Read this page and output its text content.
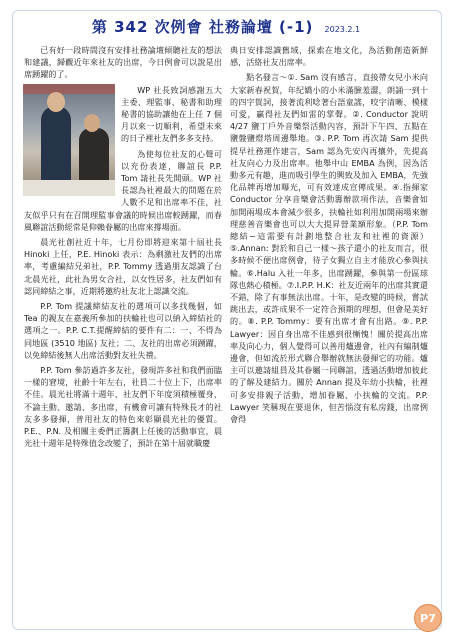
第 342 次例會 社務論壇 (-1) 2023.2.1

已有好一段時間沒有安排社務論壇傾聽社友的想法和建議，歸觀近年來社友的出席，今日例會可以說是出席踴躍的了。

WP 社長致詞感謝五大主委、理監事、秘書和助理秘書的協助讓他在上任 7 個月以來一切順利，希望未來的日子裡社友們多多支持。

為使每位社友的心聲可以充份表達，聯誼長 P.P. Tom 請社長先開頭。WP 社長認為社裡最大的問題在於人數不足和出席率不佳，社友似乎只有在召開理監事會議的時候出席較踴躍，而春風聯誼活動經常是仰賴眷屬的出席來撐場面。

晨光社創社近十年，七月份即將迎來第十屆社長 Hinoki 上任，P.E. Hinoki 表示：為剩激社友們的出席率，考慮編結兄弟社，P.P. Tommy 透過朋友認識了台北晨光社，此社為男女合社，以女性居多，社友們如有認同締結之事，近期將邀約社友北上認識交流。

P.P. Tom 提議締結友社的選項可以多找幾個，如 Tea 的親友在嘉義所參加的扶輪社也可以納入締結社的選項之一。P.P. C.T.提醒締結的要件有二：一、不得為同地區 (3510 地區) 友社；二、友社的出席必須踴躍，以免締結後無人出席活動對友社失禮。

P.P. Tom 參訪過許多友社，發現許多社和我們面臨一樣的窘境，社齡十年左右，社員二十位上下，出席率不佳。晨光社將滿十週年，社友們下年度須積極覆身，不論主動、邀請、多出席，有機會可讓有特殊長才的社友多多發揮，普用社友的特色來彰顯晨光社的優質。P.E.、P.N. 及相關主委們正籌劃上任後的活動事宜，晨光社十週年是特殊值念改變了，預計在第十屆就職慶

典日安排認識舊域，探索在地文化，為活動創造新鮮感，活絡社友出席率。

點名發言～①. Sam 沒有感言，直接帶女兒小米向大家新春祝賀，年紀嬌小的小米滿臉羞澀，朗誦一到十的四字賀詞，接著流利唸著台語童謠，咬字清晰、模樣可愛，贏得社友們如雷的掌聲。②. Conductor 說明 4/27 鹽丁戶外音樂祭活動內容，預計下午四、五點在鹽盤鹽燈塔周邊舉地。③. P.P. Tom 再次請 Sam 提供提早社務運作建言，Sam 認為先安內再攘外，先提高社友向心力及出席率。他舉中山 EMBA 為例，因為活動多元有趣，進而吸引學生的興致及加入 EMBA，先強化品牌再增加曝光，可有效達成宣傳成果。④.指揮家 Conductor 分享音樂會活動籌辦款項作法，音樂會如加開兩場成本會減少很多，扶輪社如利用加開兩場來辦理慈善音樂會也可以大大提昇營業額形象。（P.P. Tom 總結~這需要有計劃地整合社友和社裡的資源）⑤.Annan: 對於和自己一樣～孩子還小的社友而言，很多時候不便出席例會，待子女獨立自主才能放心參與扶輪。⑥.Halu 入社一年多，出席踴躍，參與第一份區球隊也熱心積極。⑦.I.P.P. H.K：社友近兩年的出席其實還不錯，除了有事無法出席。十年，是改變的時候，嘗試跳出去，或許成果不一定符合預期的理想，但會是美好的。⑧. P.P. Tommy：要有出席才會有出路。⑨. P.P. Lawyer：因自身出席不佳感到很慚愧！關於提高出席率及向心力，個人覺得可以善用爐邊會，社內有編制爐邊會，但如流於形式聯合舉辦就無法發揮它的功能。爐主可以邀請組員及其眷屬一同聯誼，透過活動增加彼此的了解及建結力。關於 Annan 提及年幼小扶輪，社裡可多安排親子活動，增加眷屬、小扶輪的交流。P.P. Lawyer 笑稱現在要退休，但苦惱沒有私房錢，出席例會得

P7
